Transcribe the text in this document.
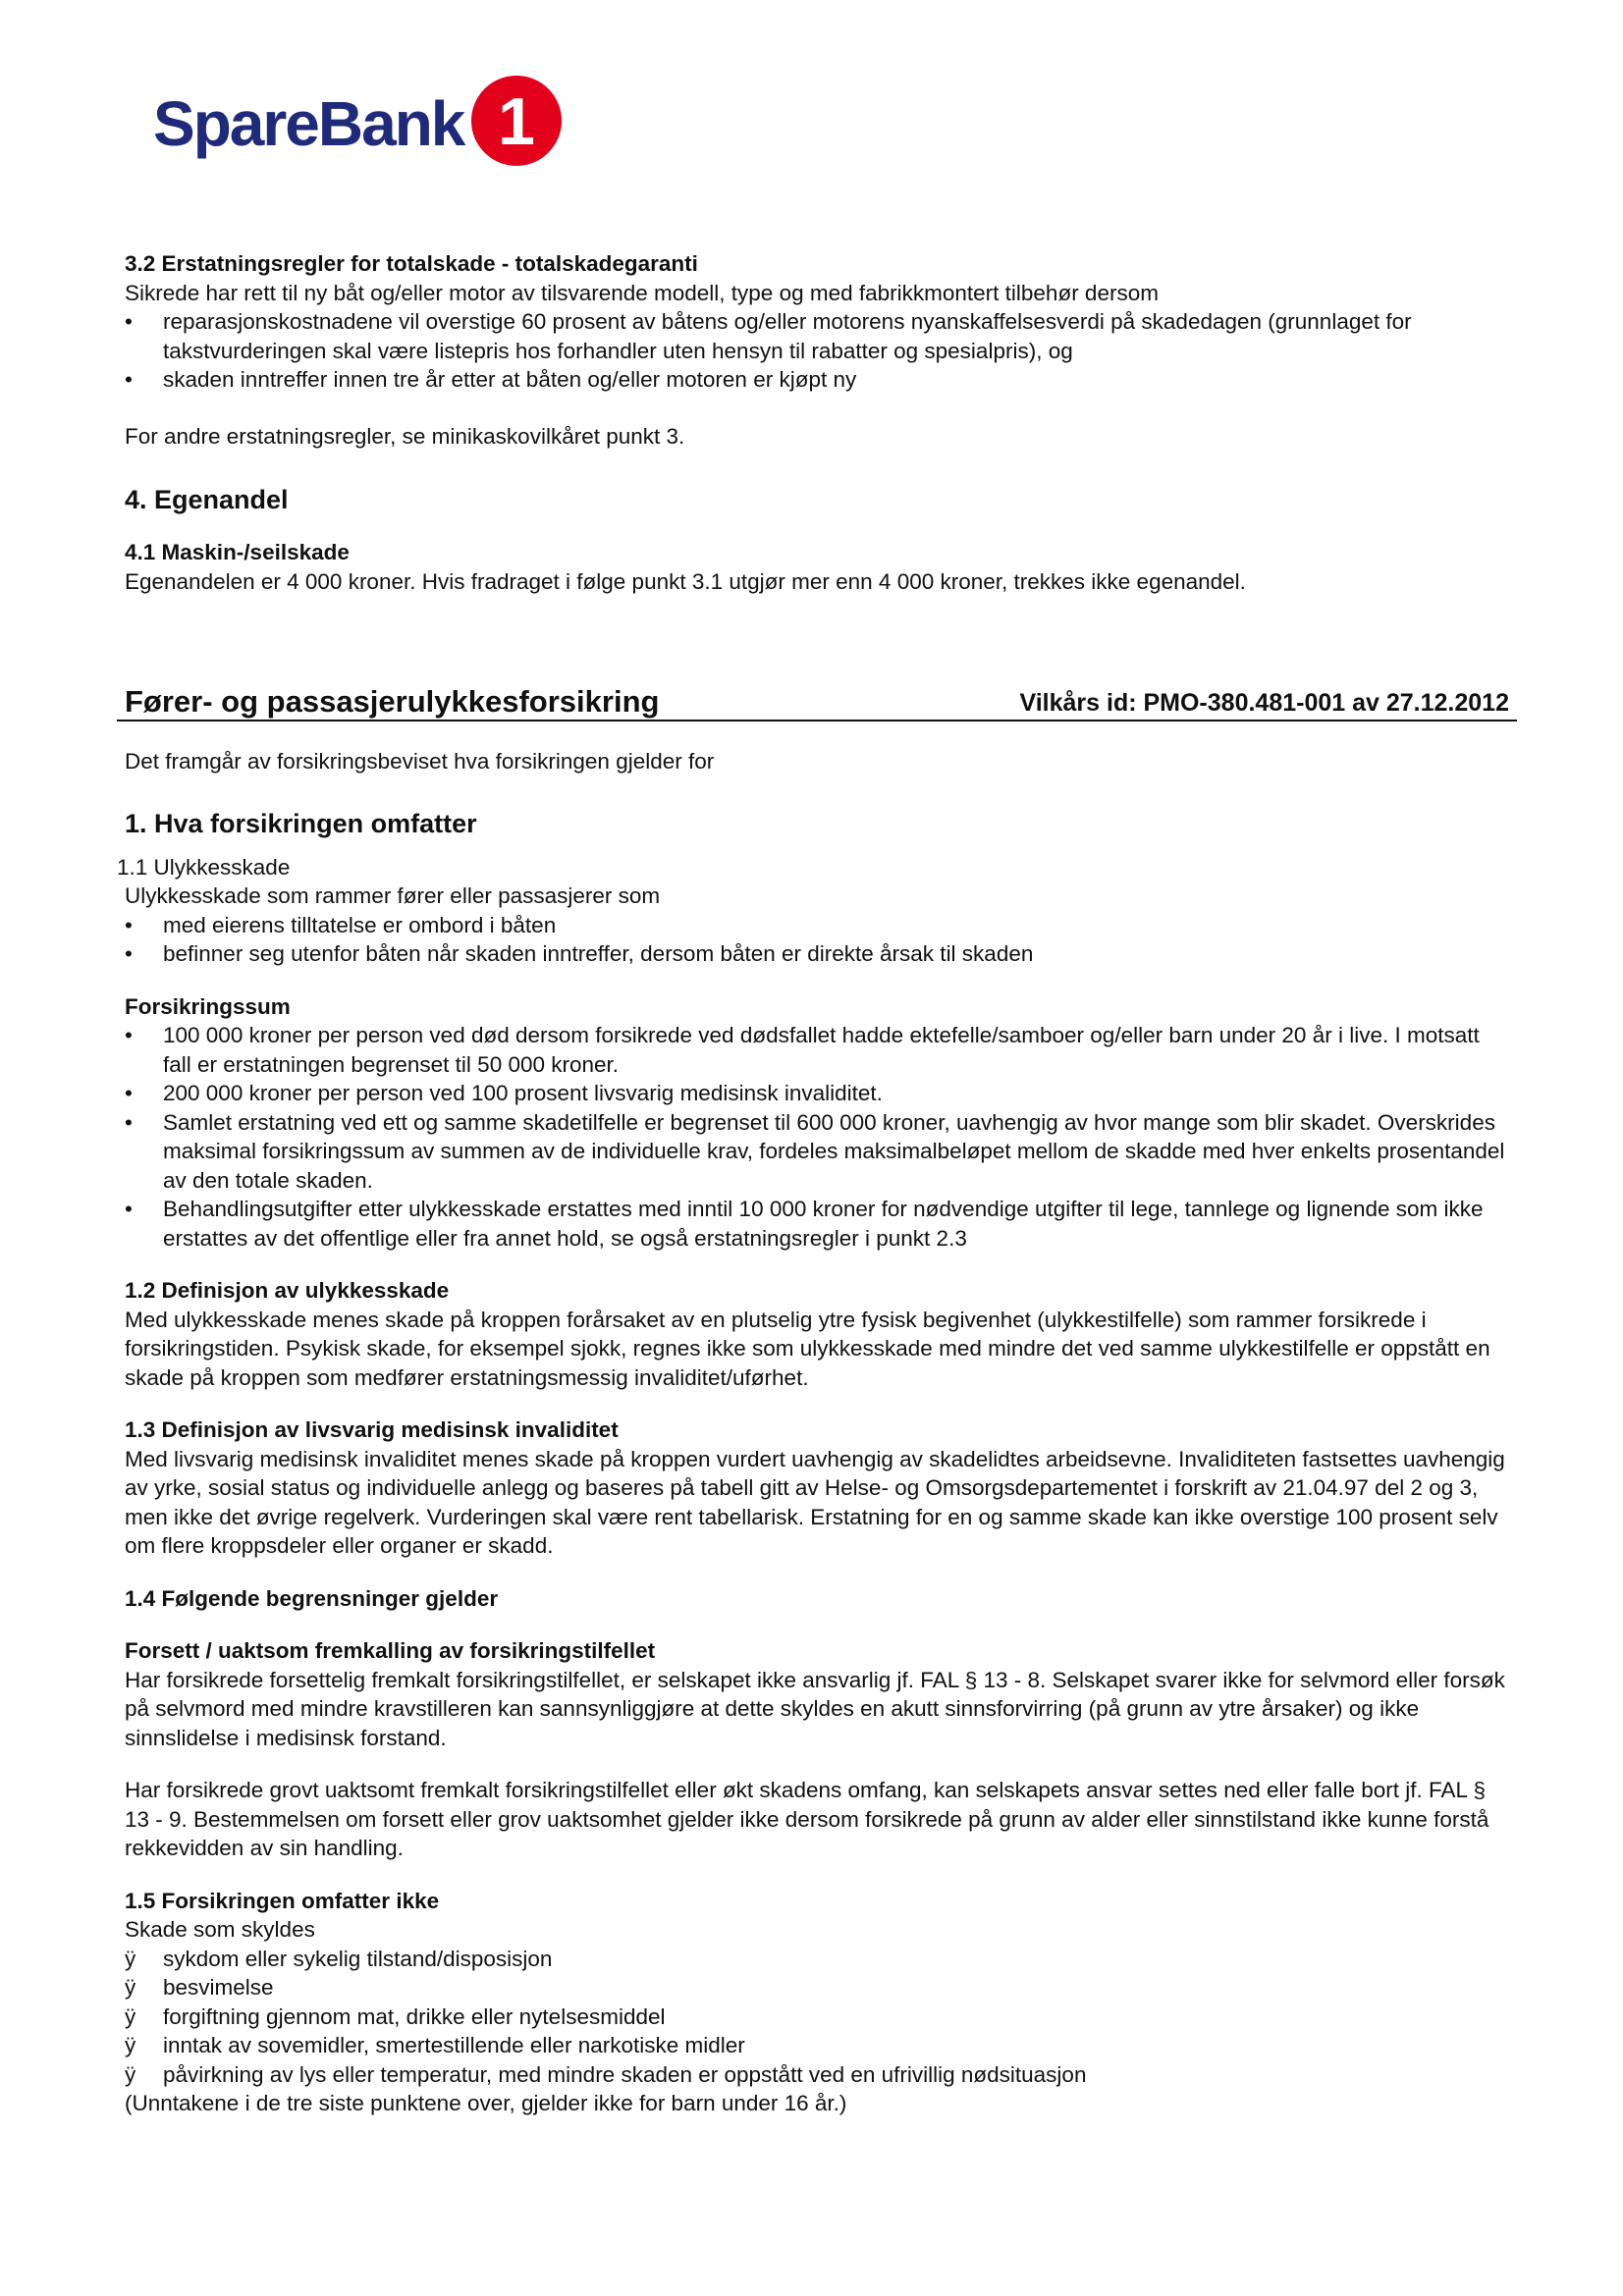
SpareBank 1

3.2 Erstatningsregler for totalskade - totalskadegaranti

Sikrede har rett til ny båt og/eller motor av tilsvarende modell, type og med fabrikkmontert tilbehør dersom

• reparasjonskostnadene vil overstige 60 prosent av båtens og/eller motorens nyanskaffelsesverdi på skadedagen (grunnlaget for takstvurderingen skal være listepris hos forhandler uten hensyn til rabatter og spesialpris), og
• skaden inntreffer innen tre år etter at båten og/eller motoren er kjøpt ny

For andre erstatningsregler, se minikaskovilkåret punkt 3.

4. Egenandel

4.1 Maskin-/seilskade

Egenandelen er 4 000 kroner. Hvis fradraget i følge punkt 3.1 utgjør mer enn 4 000 kroner, trekkes ikke egenandel.

Fører- og passasjerulykkesforsikring	Vilkårs id: PMO-380.481-001 av 27.12.2012

Det framgår av forsikringsbeviset hva forsikringen gjelder for

1. Hva forsikringen omfatter

1.1 Ulykkesskade

Ulykkesskade som rammer fører eller passasjerer som

• med eierens tilltatelse er ombord i båten
• befinner seg utenfor båten når skaden inntreffer, dersom båten er direkte årsak til skaden

Forsikringssum

• 100 000 kroner per person ved død dersom forsikrede ved dødsfallet hadde ektefelle/samboer og/eller barn under 20 år i live. I motsatt fall er erstatningen begrenset til 50 000 kroner.
• 200 000 kroner per person ved 100 prosent livsvarig medisinsk invaliditet.
• Samlet erstatning ved ett og samme skadetilfelle er begrenset til 600 000 kroner, uavhengig av hvor mange som blir skadet. Overskrides maksimal forsikringssum av summen av de individuelle krav, fordeles maksimalbeløpet mellom de skadde med hver enkelts prosentandel av den totale skaden.
• Behandlingsutgifter etter ulykkesskade erstattes med inntil 10 000 kroner for nødvendige utgifter til lege, tannlege og lignende som ikke erstattes av det offentlige eller fra annet hold, se også erstatningsregler i punkt 2.3

1.2 Definisjon av ulykkesskade

Med ulykkesskade menes skade på kroppen forårsaket av en plutselig ytre fysisk begivenhet (ulykkestilfelle) som rammer forsikrede i forsikringstiden. Psykisk skade, for eksempel sjokk, regnes ikke som ulykkesskade med mindre det ved samme ulykkestilfelle er oppstått en skade på kroppen som medfører erstatningsmessig invaliditet/uførhet.

1.3 Definisjon av livsvarig medisinsk invaliditet

Med livsvarig medisinsk invaliditet menes skade på kroppen vurdert uavhengig av skadelidtes arbeidsevne. Invaliditeten fastsettes uavhengig av yrke, sosial status og individuelle anlegg og baseres på tabell gitt av Helse- og Omsorgsdepartementet i forskrift av 21.04.97 del 2 og 3, men ikke det øvrige regelverk. Vurderingen skal være rent tabellarisk. Erstatning for en og samme skade kan ikke overstige 100 prosent selv om flere kroppsdeler eller organer er skadd.

1.4 Følgende begrensninger gjelder

Forsett / uaktsom fremkalling av forsikringstilfellet

Har forsikrede forsettelig fremkalt forsikringstilfellet, er selskapet ikke ansvarlig jf. FAL § 13 - 8. Selskapet svarer ikke for selvmord eller forsøk på selvmord med mindre kravstilleren kan sannsynliggjøre at dette skyldes en akutt sinnsforvirring (på grunn av ytre årsaker) og ikke sinnslidelse i medisinsk forstand.

Har forsikrede grovt uaktsomt fremkalt forsikringstilfellet eller økt skadens omfang, kan selskapets ansvar settes ned eller falle bort jf. FAL § 13 - 9. Bestemmelsen om forsett eller grov uaktsomhet gjelder ikke dersom forsikrede på grunn av alder eller sinnstilstand ikke kunne forstå rekkevidden av sin handling.

1.5 Forsikringen omfatter ikke

Skade som skyldes

ÿ sykdom eller sykelig tilstand/disposisjon
ÿ besvimelse
ÿ forgiftning gjennom mat, drikke eller nytelsesmiddel
ÿ inntak av sovemidler, smertestillende eller narkotiske midler
ÿ påvirkning av lys eller temperatur, med mindre skaden er oppstått ved en ufrivillig nødsituasjon

(Unntakene i de tre siste punktene over, gjelder ikke for barn under 16 år.)
